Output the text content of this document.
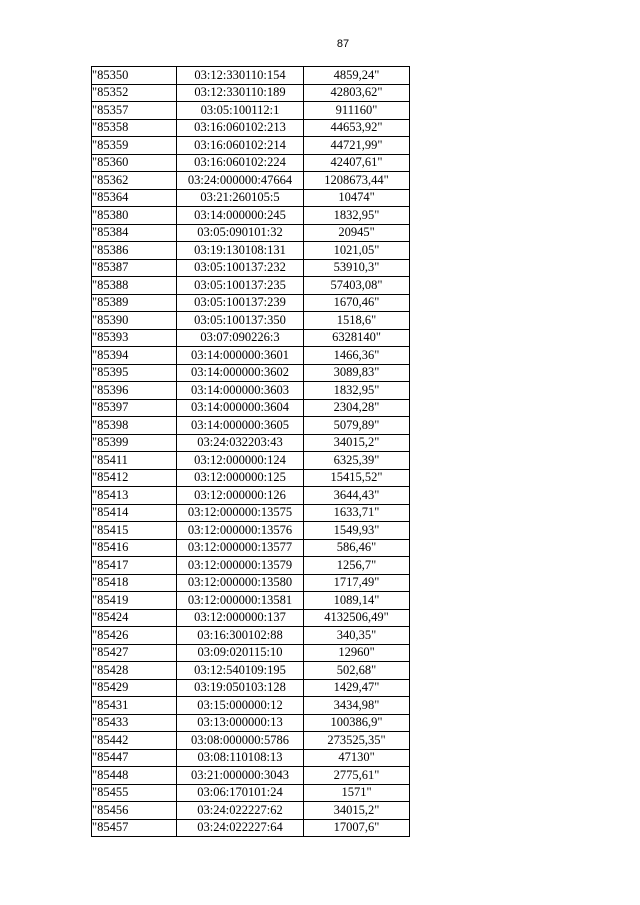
87
"85350	03:12:330110:154	4859,24"
"85352	03:12:330110:189	42803,62"
"85357	03:05:100112:1	911160"
"85358	03:16:060102:213	44653,92"
"85359	03:16:060102:214	44721,99"
"85360	03:16:060102:224	42407,61"
"85362	03:24:000000:47664	1208673,44"
"85364	03:21:260105:5	10474"
"85380	03:14:000000:245	1832,95"
"85384	03:05:090101:32	20945"
"85386	03:19:130108:131	1021,05"
"85387	03:05:100137:232	53910,3"
"85388	03:05:100137:235	57403,08"
"85389	03:05:100137:239	1670,46"
"85390	03:05:100137:350	1518,6"
"85393	03:07:090226:3	6328140"
"85394	03:14:000000:3601	1466,36"
"85395	03:14:000000:3602	3089,83"
"85396	03:14:000000:3603	1832,95"
"85397	03:14:000000:3604	2304,28"
"85398	03:14:000000:3605	5079,89"
"85399	03:24:032203:43	34015,2"
"85411	03:12:000000:124	6325,39"
"85412	03:12:000000:125	15415,52"
"85413	03:12:000000:126	3644,43"
"85414	03:12:000000:13575	1633,71"
"85415	03:12:000000:13576	1549,93"
"85416	03:12:000000:13577	586,46"
"85417	03:12:000000:13579	1256,7"
"85418	03:12:000000:13580	1717,49"
"85419	03:12:000000:13581	1089,14"
"85424	03:12:000000:137	4132506,49"
"85426	03:16:300102:88	340,35"
"85427	03:09:020115:10	12960"
"85428	03:12:540109:195	502,68"
"85429	03:19:050103:128	1429,47"
"85431	03:15:000000:12	3434,98"
"85433	03:13:000000:13	100386,9"
"85442	03:08:000000:5786	273525,35"
"85447	03:08:110108:13	47130"
"85448	03:21:000000:3043	2775,61"
"85455	03:06:170101:24	1571"
"85456	03:24:022227:62	34015,2"
"85457	03:24:022227:64	17007,6"
